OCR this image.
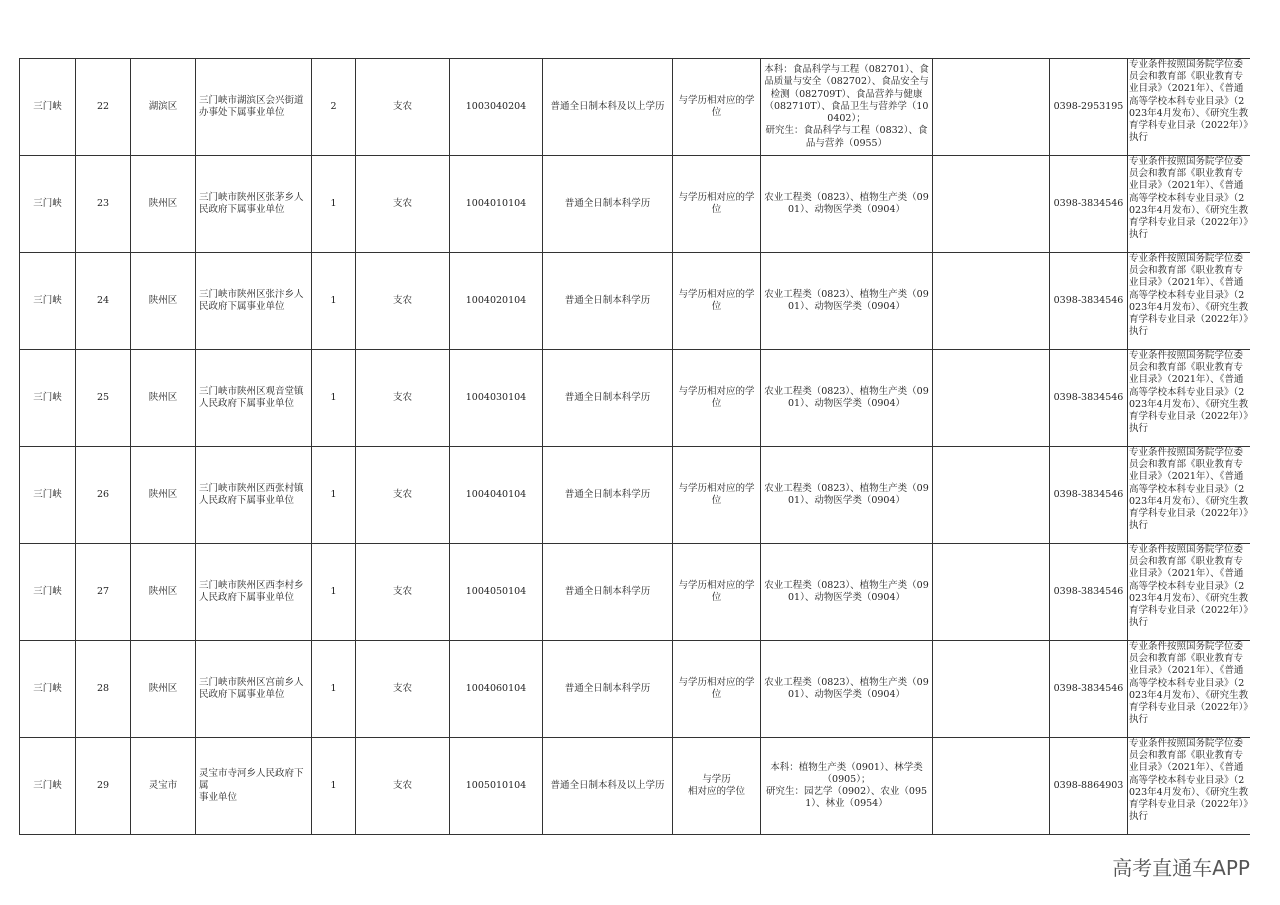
三门峡	22	湖滨区	三门峡市湖滨区会兴街道办事处下属事业单位	2	支农	1003040204	普通全日制本科及以上学历	与学历相对应的学位	本科：食品科学与工程（082701）、食品质量与安全（082702）、食品安全与检测（082709T）、食品营养与健康（082710T）、食品卫生与营养学（100402）；
研究生：食品科学与工程（0832）、食品与营养（0955）		0398-2953195	专业条件按照国务院学位委员会和教育部《职业教育专业目录》（2021年）、《普通高等学校本科专业目录》（2023年4月发布）、《研究生教育学科专业目录（2022年）》执行
三门峡	23	陕州区	三门峡市陕州区张茅乡人民政府下属事业单位	1	支农	1004010104	普通全日制本科学历	与学历相对应的学位	农业工程类（0823）、植物生产类（0901）、动物医学类（0904）		0398-3834546	专业条件按照国务院学位委员会和教育部《职业教育专业目录》（2021年）、《普通高等学校本科专业目录》（2023年4月发布）、《研究生教育学科专业目录（2022年）》执行
三门峡	24	陕州区	三门峡市陕州区张汴乡人民政府下属事业单位	1	支农	1004020104	普通全日制本科学历	与学历相对应的学位	农业工程类（0823）、植物生产类（0901）、动物医学类（0904）		0398-3834546	专业条件按照国务院学位委员会和教育部《职业教育专业目录》（2021年）、《普通高等学校本科专业目录》（2023年4月发布）、《研究生教育学科专业目录（2022年）》执行
三门峡	25	陕州区	三门峡市陕州区观音堂镇人民政府下属事业单位	1	支农	1004030104	普通全日制本科学历	与学历相对应的学位	农业工程类（0823）、植物生产类（0901）、动物医学类（0904）		0398-3834546	专业条件按照国务院学位委员会和教育部《职业教育专业目录》（2021年）、《普通高等学校本科专业目录》（2023年4月发布）、《研究生教育学科专业目录（2022年）》执行
三门峡	26	陕州区	三门峡市陕州区西张村镇人民政府下属事业单位	1	支农	1004040104	普通全日制本科学历	与学历相对应的学位	农业工程类（0823）、植物生产类（0901）、动物医学类（0904）		0398-3834546	专业条件按照国务院学位委员会和教育部《职业教育专业目录》（2021年）、《普通高等学校本科专业目录》（2023年4月发布）、《研究生教育学科专业目录（2022年）》执行
三门峡	27	陕州区	三门峡市陕州区西李村乡人民政府下属事业单位	1	支农	1004050104	普通全日制本科学历	与学历相对应的学位	农业工程类（0823）、植物生产类（0901）、动物医学类（0904）		0398-3834546	专业条件按照国务院学位委员会和教育部《职业教育专业目录》（2021年）、《普通高等学校本科专业目录》（2023年4月发布）、《研究生教育学科专业目录（2022年）》执行
三门峡	28	陕州区	三门峡市陕州区宫前乡人民政府下属事业单位	1	支农	1004060104	普通全日制本科学历	与学历相对应的学位	农业工程类（0823）、植物生产类（0901）、动物医学类（0904）		0398-3834546	专业条件按照国务院学位委员会和教育部《职业教育专业目录》（2021年）、《普通高等学校本科专业目录》（2023年4月发布）、《研究生教育学科专业目录（2022年）》执行
三门峡	29	灵宝市	灵宝市寺河乡人民政府下属
事业单位	1	支农	1005010104	普通全日制本科及以上学历	与学历
相对应的学位	本科：植物生产类（0901）、林学类（0905）；
研究生：园艺学（0902）、农业（0951）、林业（0954）		0398-8864903	专业条件按照国务院学位委员会和教育部《职业教育专业目录》（2021年）、《普通高等学校本科专业目录》（2023年4月发布）、《研究生教育学科专业目录（2022年）》执行
高考直通车APP
